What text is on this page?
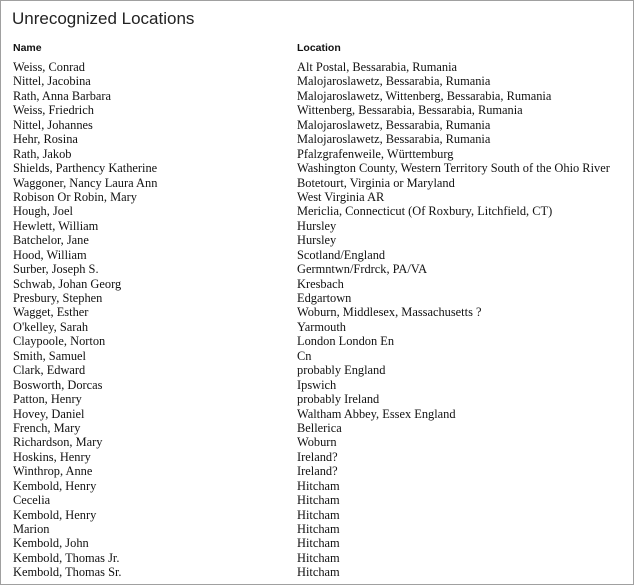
Unrecognized Locations
Name	Location
Weiss, Conrad	Alt Postal, Bessarabia, Rumania
Nittel, Jacobina	Malojaroslawetz, Bessarabia, Rumania
Rath, Anna Barbara	Malojaroslawetz, Wittenberg, Bessarabia, Rumania
Weiss, Friedrich	Wittenberg, Bessarabia, Bessarabia, Rumania
Nittel, Johannes	Malojaroslawetz, Bessarabia, Rumania
Hehr, Rosina	Malojaroslawetz, Bessarabia, Rumania
Rath, Jakob	Pfalzgrafenweile, Württemburg
Shields, Parthency Katherine	Washington County, Western Territory South of the Ohio River
Waggoner, Nancy Laura Ann	Botetourt, Virginia or Maryland
Robison Or Robin, Mary	West Virginia AR
Hough, Joel	Mericlia, Connecticut (Of Roxbury, Litchfield, CT)
Hewlett, William	Hursley
Batchelor, Jane	Hursley
Hood, William	Scotland/England
Surber, Joseph S.	Germntwn/Frdrck, PA/VA
Schwab, Johan Georg	Kresbach
Presbury, Stephen	Edgartown
Wagget, Esther	Woburn, Middlesex, Massachusetts ?
O'kelley, Sarah	Yarmouth
Claypoole, Norton	London London En
Smith, Samuel	Cn
Clark, Edward	probably England
Bosworth, Dorcas	Ipswich
Patton, Henry	probably Ireland
Hovey, Daniel	Waltham Abbey, Essex England
French, Mary	Bellerica
Richardson, Mary	Woburn
Hoskins, Henry	Ireland?
Winthrop, Anne	Ireland?
Kembold, Henry	Hitcham
Cecelia	Hitcham
Kembold, Henry	Hitcham
Marion	Hitcham
Kembold, John	Hitcham
Kembold, Thomas Jr.	Hitcham
Kembold, Thomas Sr.	Hitcham
